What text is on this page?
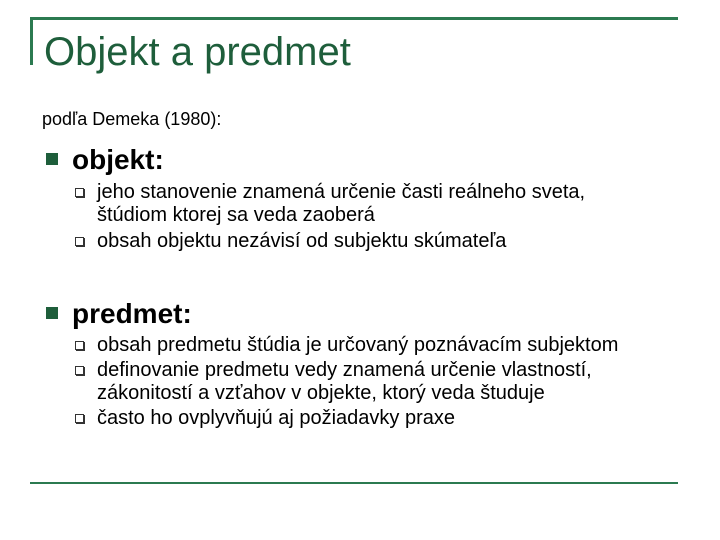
Objekt a predmet
podľa Demeka (1980):
objekt:
jeho stanovenie znamená určenie časti reálneho sveta, štúdiom ktorej sa veda zaoberá
obsah objektu nezávisí od subjektu skúmateľa
predmet:
obsah predmetu štúdia je určovaný poznávacím subjektom
definovanie predmetu vedy znamená určenie vlastností, zákonitostí a vzťahov v objekte, ktorý veda študuje
často ho ovplyvňujú aj požiadavky praxe
